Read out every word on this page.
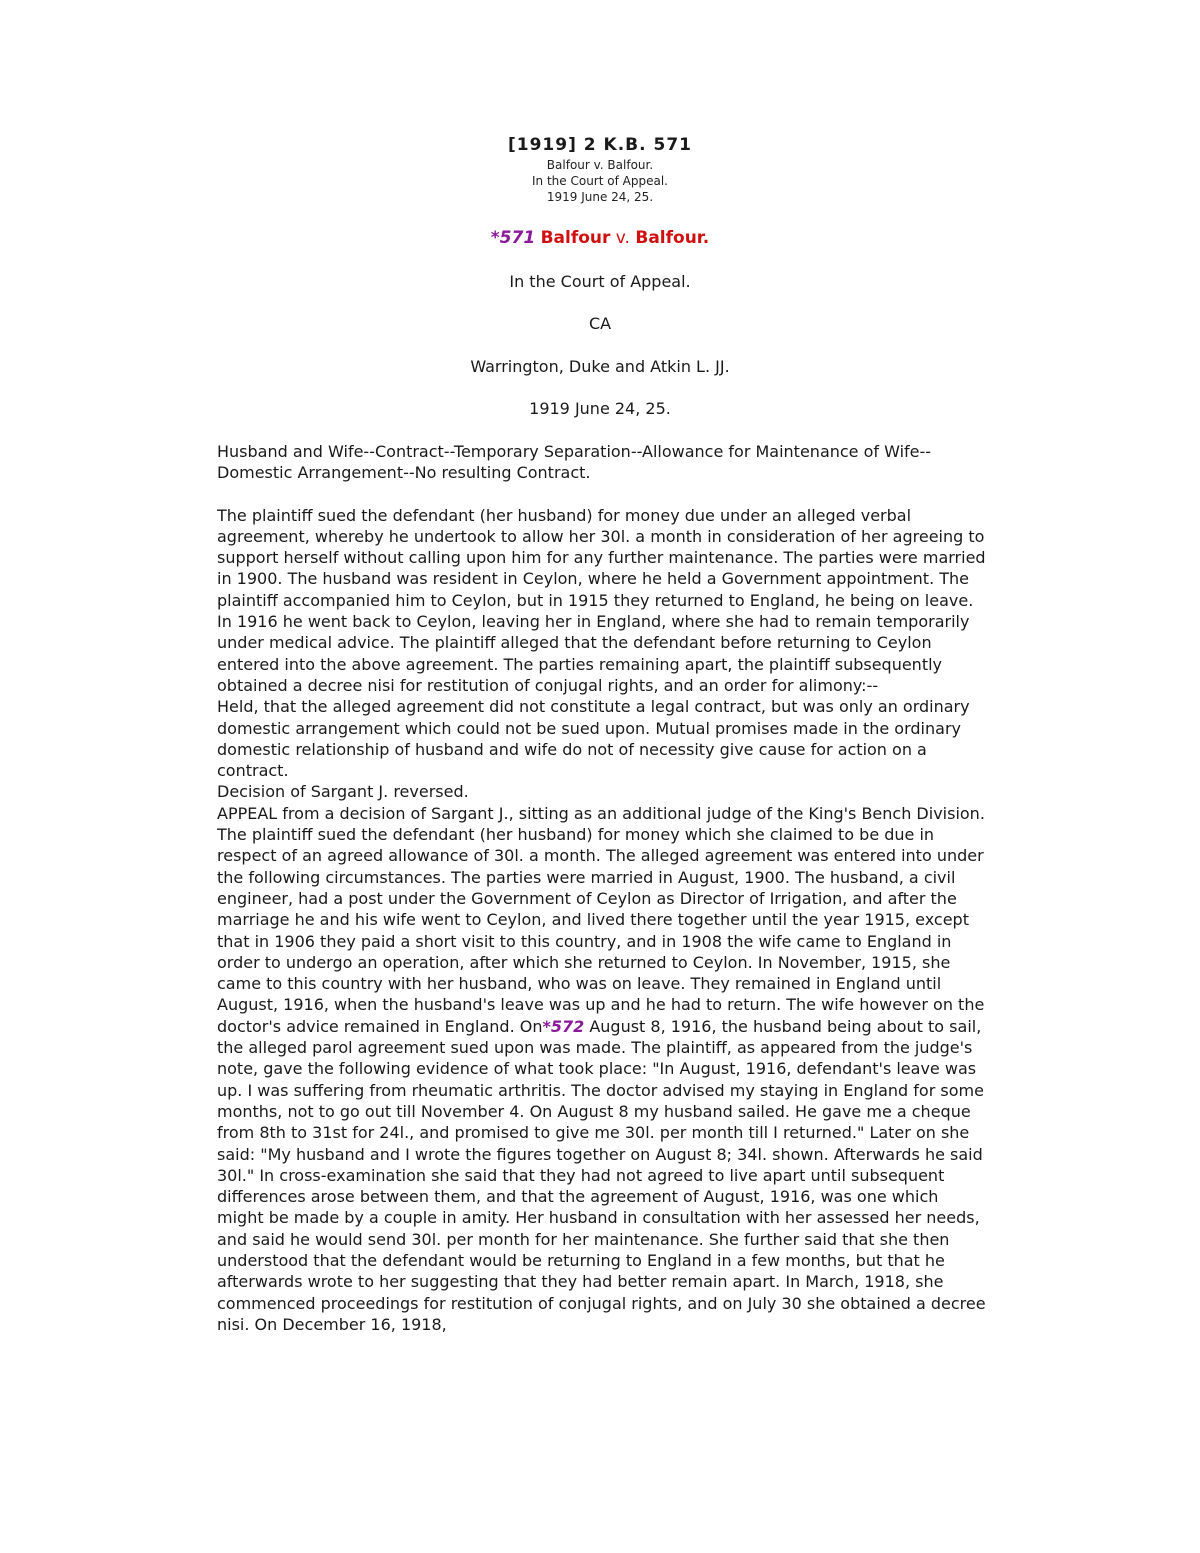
[1919] 2 K.B. 571

Balfour v. Balfour.

In the Court of Appeal.

1919 June 24, 25.

*571 Balfour v. Balfour.
In the Court of Appeal.
CA
Warrington, Duke and Atkin L. JJ.
1919 June 24, 25.

Husband and Wife--Contract--Temporary Separation--Allowance for Maintenance of Wife--Domestic Arrangement--No resulting Contract.

The plaintiff sued the defendant (her husband) for money due under an alleged verbal agreement, whereby he undertook to allow her 30l. a month in consideration of her agreeing to support herself without calling upon him for any further maintenance. The parties were married in 1900. The husband was resident in Ceylon, where he held a Government appointment. The plaintiff accompanied him to Ceylon, but in 1915 they returned to England, he being on leave. In 1916 he went back to Ceylon, leaving her in England, where she had to remain temporarily under medical advice. The plaintiff alleged that the defendant before returning to Ceylon entered into the above agreement. The parties remaining apart, the plaintiff subsequently obtained a decree nisi for restitution of conjugal rights, and an order for alimony:--

Held, that the alleged agreement did not constitute a legal contract, but was only an ordinary domestic arrangement which could not be sued upon. Mutual promises made in the ordinary domestic relationship of husband and wife do not of necessity give cause for action on a contract.

Decision of Sargant J. reversed.

APPEAL from a decision of Sargant J., sitting as an additional judge of the King's Bench Division.

The plaintiff sued the defendant (her husband) for money which she claimed to be due in respect of an agreed allowance of 30l. a month. The alleged agreement was entered into under the following circumstances. The parties were married in August, 1900. The husband, a civil engineer, had a post under the Government of Ceylon as Director of Irrigation, and after the marriage he and his wife went to Ceylon, and lived there together until the year 1915, except that in 1906 they paid a short visit to this country, and in 1908 the wife came to England in order to undergo an operation, after which she returned to Ceylon. In November, 1915, she came to this country with her husband, who was on leave. They remained in England until August, 1916, when the husband's leave was up and he had to return. The wife however on the doctor's advice remained in England. On*572 August 8, 1916, the husband being about to sail, the alleged parol agreement sued upon was made. The plaintiff, as appeared from the judge's note, gave the following evidence of what took place: "In August, 1916, defendant's leave was up. I was suffering from rheumatic arthritis. The doctor advised my staying in England for some months, not to go out till November 4. On August 8 my husband sailed. He gave me a cheque from 8th to 31st for 24l., and promised to give me 30l. per month till I returned." Later on she said: "My husband and I wrote the figures together on August 8; 34l. shown. Afterwards he said 30l." In cross-examination she said that they had not agreed to live apart until subsequent differences arose between them, and that the agreement of August, 1916, was one which might be made by a couple in amity. Her husband in consultation with her assessed her needs, and said he would send 30l. per month for her maintenance. She further said that she then understood that the defendant would be returning to England in a few months, but that he afterwards wrote to her suggesting that they had better remain apart. In March, 1918, she commenced proceedings for restitution of conjugal rights, and on July 30 she obtained a decree nisi. On December 16, 1918,
